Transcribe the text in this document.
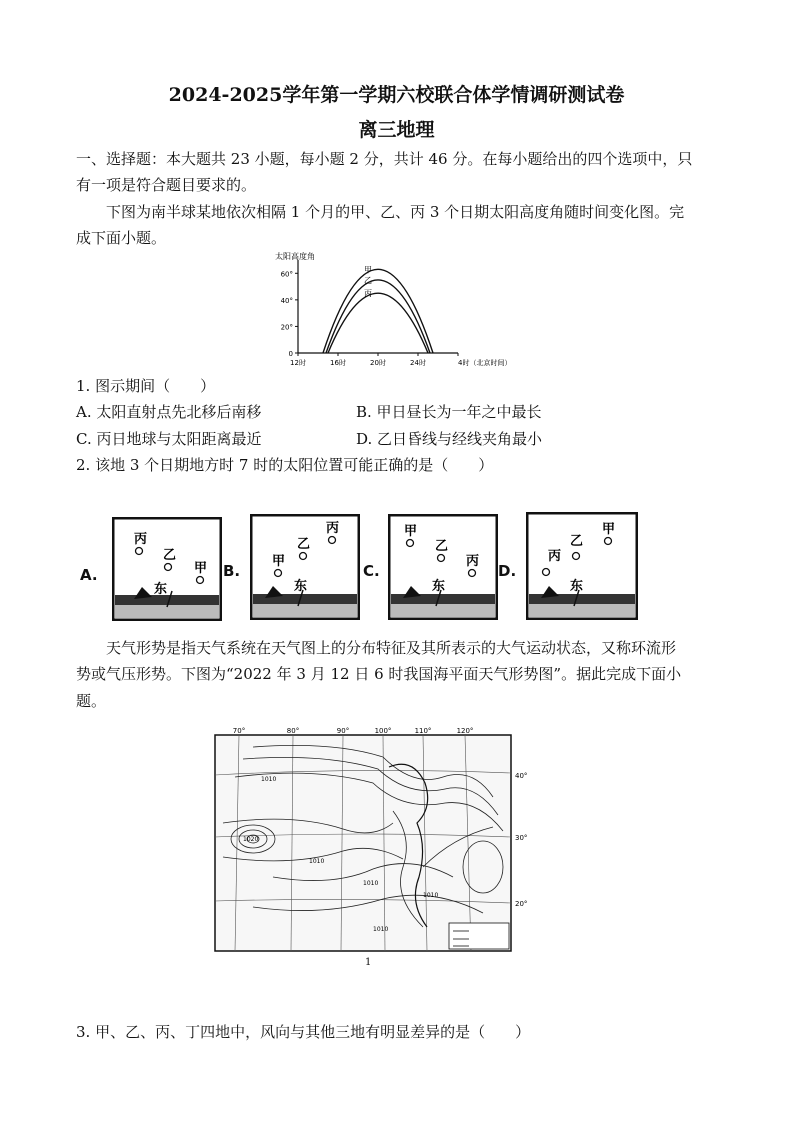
2024-2025学年第一学期六校联合体学情调研测试卷
离三地理
一、选择题：本大题共 23 小题，每小题 2 分，共计 46 分。在每小题给出的四个选项中，只
有一项是符合题目要求的。
下图为南半球某地依次相隔 1 个月的甲、乙、丙 3 个日期太阳高度角随时间变化图。完
成下面小题。
太阳高度角
60°
40°
20°
0
12时	16时	20时	24时	4时（北京时间）
甲
乙
丙
1. 图示期间（　　）
A. 太阳直射点先北移后南移	B. 甲日昼长为一年之中最长
C. 丙日地球与太阳距离最近	D. 乙日昏线与经线夹角最小
2. 该地 3 个日期地方时 7 时的太阳位置可能正确的是（　　）
A.
丙
乙
甲
东
B.
甲
乙
丙
东
C.
甲
乙
丙
东
D.
丙
乙
甲
东
天气形势是指天气系统在天气图上的分布特征及其所表示的大气运动状态，又称环流形
势或气压形势。下图为“2022 年 3 月 12 日 6 时我国海平面天气形势图”。据此完成下面小
题。
70°	80°	90°	100°	110°	120°
40°
30°
20°
1010
1020
1010
1010
1010
1010
1
3. 甲、乙、丙、丁四地中，风向与其他三地有明显差异的是（　　）
